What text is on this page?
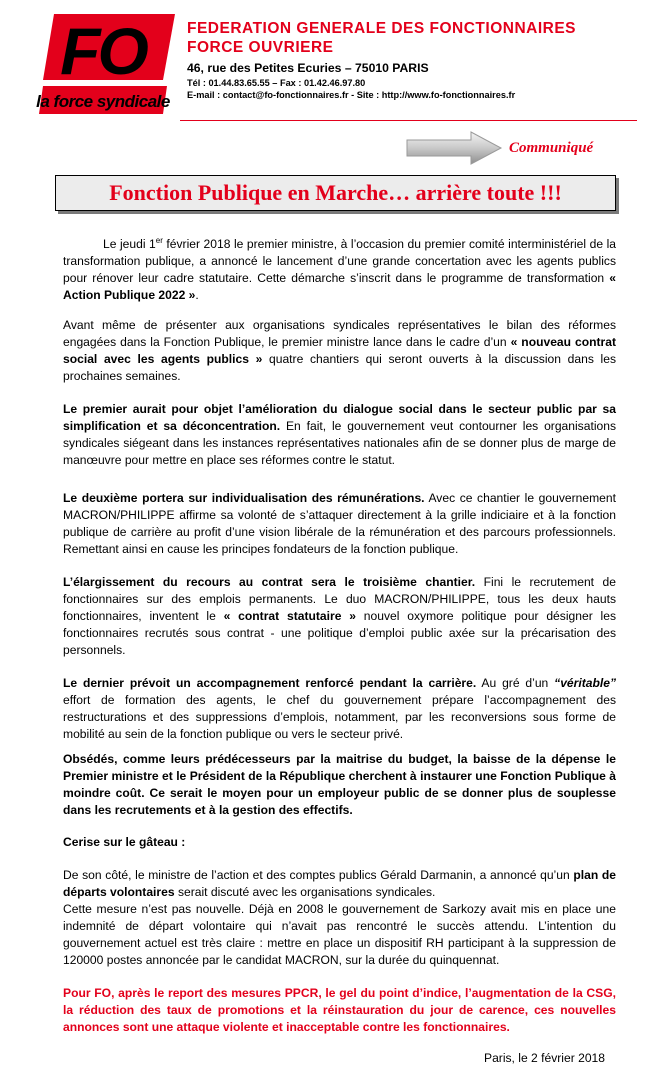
FO
la force syndicale
FEDERATION GENERALE DES FONCTIONNAIRES
FORCE OUVRIERE
46, rue des Petites Ecuries – 75010 PARIS
Tél : 01.44.83.65.55 – Fax : 01.42.46.97.80
E-mail : contact@fo-fonctionnaires.fr - Site : http://www.fo-fonctionnaires.fr
Communiqué
Fonction Publique en Marche… arrière toute !!!

Le jeudi 1er février 2018 le premier ministre, à l’occasion du premier comité interministériel de la transformation publique, a annoncé le lancement d’une grande concertation avec les agents publics pour rénover leur cadre statutaire. Cette démarche s’inscrit dans le programme de transformation « Action Publique 2022 ».

Avant même de présenter aux organisations syndicales représentatives le bilan des réformes engagées dans la Fonction Publique, le premier ministre lance dans le cadre d’un « nouveau contrat social avec les agents publics » quatre chantiers qui seront ouverts à la discussion dans les prochaines semaines.

Le premier aurait pour objet l’amélioration du dialogue social dans le secteur public par sa simplification et sa déconcentration. En fait, le gouvernement veut contourner les organisations syndicales siégeant dans les instances représentatives nationales afin de se donner plus de marge de manœuvre pour mettre en place ses réformes contre le statut.

Le deuxième portera sur individualisation des rémunérations. Avec ce chantier le gouvernement MACRON/PHILIPPE affirme sa volonté de s’attaquer directement à la grille indiciaire et à la fonction publique de carrière au profit d’une vision libérale de la rémunération et des parcours professionnels. Remettant ainsi en cause les principes fondateurs de la fonction publique.

L’élargissement du recours au contrat sera le troisième chantier. Fini le recrutement de fonctionnaires sur des emplois permanents. Le duo MACRON/PHILIPPE, tous les deux hauts fonctionnaires, inventent le « contrat statutaire » nouvel oxymore politique pour désigner les fonctionnaires recrutés sous contrat - une politique d’emploi public axée sur la précarisation des personnels.

Le dernier prévoit un accompagnement renforcé pendant la carrière. Au gré d’un “véritable” effort de formation des agents, le chef du gouvernement prépare l’accompagnement des restructurations et des suppressions d’emplois, notamment, par les reconversions sous forme de mobilité au sein de la fonction publique ou vers le secteur privé.

Obsédés, comme leurs prédécesseurs par la maitrise du budget, la baisse de la dépense le Premier ministre et le Président de la République cherchent à instaurer une Fonction Publique à moindre coût. Ce serait le moyen pour un employeur public de se donner plus de souplesse dans les recrutements et à la gestion des effectifs.

Cerise sur le gâteau :

De son côté, le ministre de l’action et des comptes publics Gérald Darmanin, a annoncé qu’un plan de départs volontaires serait discuté avec les organisations syndicales.
Cette mesure n’est pas nouvelle. Déjà en 2008 le gouvernement de Sarkozy avait mis en place une indemnité de départ volontaire qui n’avait pas rencontré le succès attendu. L’intention du gouvernement actuel est très claire : mettre en place un dispositif RH participant à la suppression de 120000 postes annoncée par le candidat MACRON, sur la durée du quinquennat.

Pour FO, après le report des mesures PPCR, le gel du point d’indice, l’augmentation de la CSG, la réduction des taux de promotions et la réinstauration du jour de carence, ces nouvelles annonces sont une attaque violente et inacceptable contre les fonctionnaires.

Paris, le 2 février 2018
